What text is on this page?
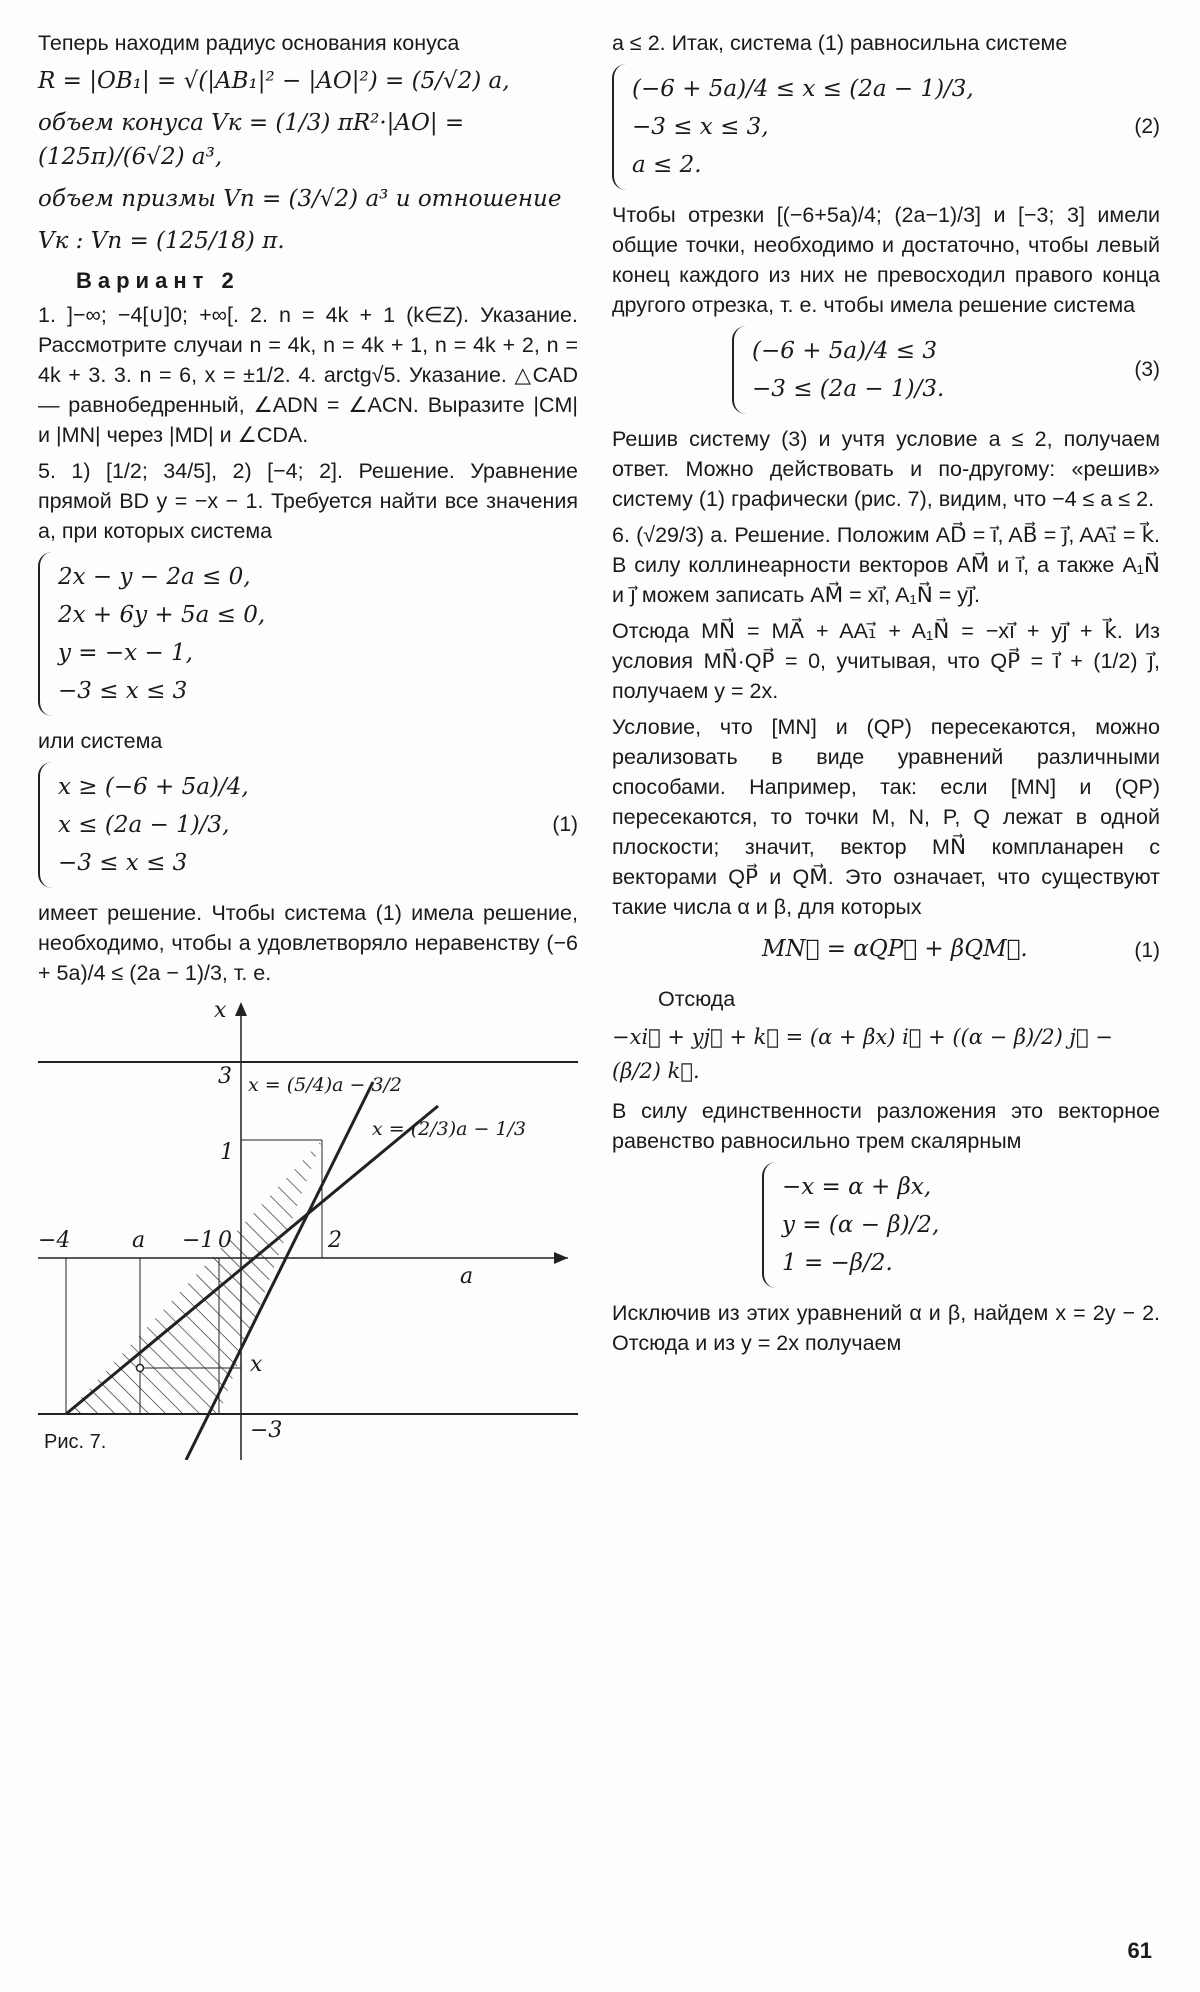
Теперь находим радиус основания конуса

R = |OB₁| = √(|AB₁|² − |AO|²) = (5/√2) a,
объем конуса Vк = (1/3) πR²·|AO| = (125π)/(6√2) a³,
объем призмы Vп = (3/√2) a³ и отношение
Vк : Vп = (125/18) π.
Вариант 2

1. ]−∞; −4[∪]0; +∞[. 2. n = 4k + 1 (k∈Z). Указание. Рассмотрите случаи n = 4k, n = 4k + 1, n = 4k + 2, n = 4k + 3. 3. n = 6, x = ±1/2. 4. arctg√5. Указание. △CAD — равнобедренный, ∠ADN = ∠ACN. Выразите |CM| и |MN| через |MD| и ∠CDA.

5. 1) [1/2; 34/5], 2) [−4; 2]. Решение. Уравнение прямой BD y = −x − 1. Требуется найти все значения a, при которых система

2x − y − 2a ≤ 0,
2x + 6y + 5a ≤ 0,
y = −x − 1,
−3 ≤ x ≤ 3

или система

x ≥ (−6 + 5a)/4,
x ≤ (2a − 1)/3,
−3 ≤ x ≤ 3
(1)

имеет решение. Чтобы система (1) имела решение, необходимо, чтобы a удовлетворяло неравенству (−6 + 5a)/4 ≤ (2a − 1)/3, т. е.

x
a
3 x = (5/4)a − 3/2
x = (2/3)a − 1/3
1
−4	a −1 0	2
x
−3
Рис. 7.

a ≤ 2. Итак, система (1) равносильна системе

(−6 + 5a)/4 ≤ x ≤ (2a − 1)/3,
−3 ≤ x ≤ 3,
a ≤ 2.
(2)

Чтобы отрезки [(−6+5a)/4; (2a−1)/3] и [−3; 3] имели общие точки, необходимо и достаточно, чтобы левый конец каждого из них не превосходил правого конца другого отрезка, т. е. чтобы имела решение система

(−6 + 5a)/4 ≤ 3
−3 ≤ (2a − 1)/3.
(3)

Решив систему (3) и учтя условие a ≤ 2, получаем ответ. Можно действовать и по-другому: «решив» систему (1) графически (рис. 7), видим, что −4 ≤ a ≤ 2.

6. (√29/3) a. Решение. Положим AD⃗ = i⃗, AB⃗ = j⃗, AA₁⃗ = k⃗. В силу коллинеарности векторов AM⃗ и i⃗, а также A₁N⃗ и j⃗ можем записать AM⃗ = xi⃗, A₁N⃗ = yj⃗.

Отсюда MN⃗ = MA⃗ + AA₁⃗ + A₁N⃗ = −xi⃗ + yj⃗ + k⃗. Из условия MN⃗·QP⃗ = 0, учитывая, что QP⃗ = i⃗ + (1/2) j⃗, получаем y = 2x.

Условие, что [MN] и (QP) пересекаются, можно реализовать в виде уравнений различными способами. Например, так: если [MN] и (QP) пересекаются, то точки M, N, P, Q лежат в одной плоскости; значит, вектор MN⃗ компланарен с векторами QP⃗ и QM⃗. Это означает, что существуют такие числа α и β, для которых

MN⃗ = αQP⃗ + βQM⃗.	(1)

Отсюда

−xi⃗ + yj⃗ + k⃗ = (α + βx) i⃗ + ((α − β)/2) j⃗ − (β/2) k⃗.

В силу единственности разложения это векторное равенство равносильно трем скалярным

−x = α + βx,
y = (α − β)/2,
1 = −β/2.

Исключив из этих уравнений α и β, найдем x = 2y − 2. Отсюда и из y = 2x получаем

61
